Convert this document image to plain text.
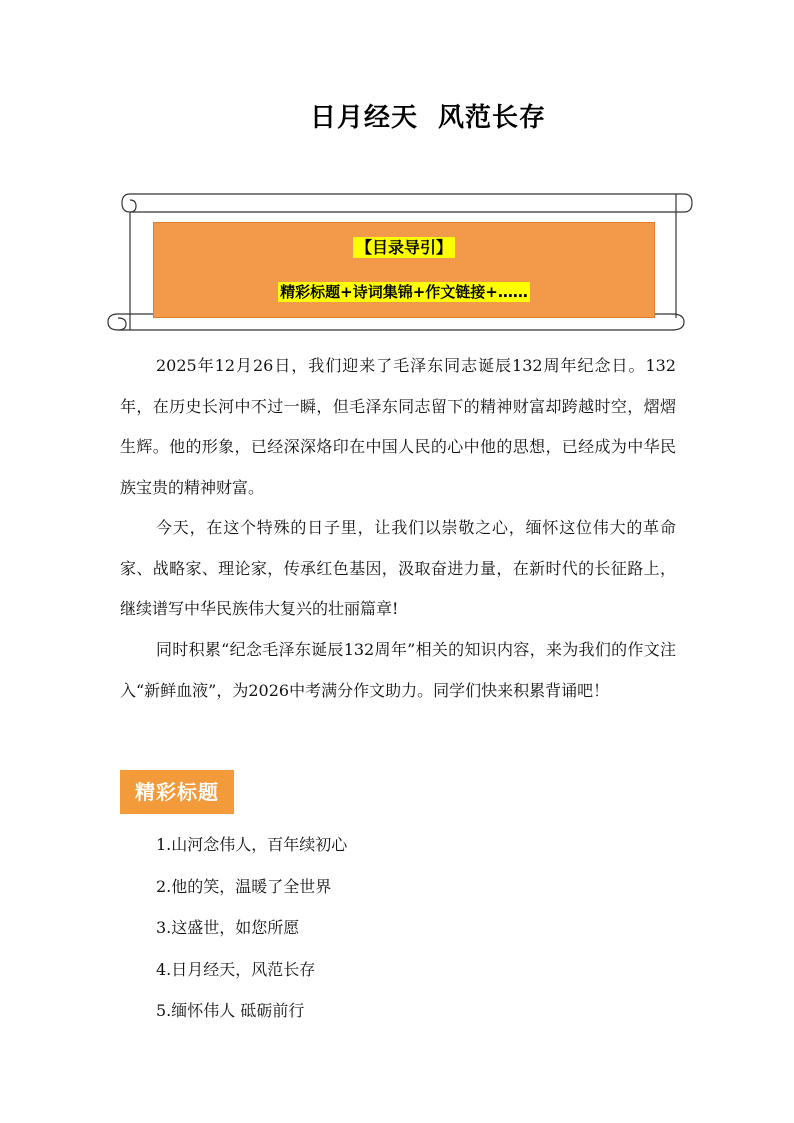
日月经天  风范长存
【目录导引】
精彩标题+诗词集锦+作文链接+……

2025年12月26日，我们迎来了毛泽东同志诞辰132周年纪念日。132年，在历史长河中不过一瞬，但毛泽东同志留下的精神财富却跨越时空，熠熠生辉。他的形象，已经深深烙印在中国人民的心中他的思想，已经成为中华民族宝贵的精神财富。

今天，在这个特殊的日子里，让我们以崇敬之心，缅怀这位伟大的革命家、战略家、理论家，传承红色基因，汲取奋进力量，在新时代的长征路上，继续谱写中华民族伟大复兴的壮丽篇章!

同时积累“纪念毛泽东诞辰132周年”相关的知识内容，来为我们的作文注入“新鲜血液”，为2026中考满分作文助力。同学们快来积累背诵吧！

精彩标题
1.山河念伟人，百年续初心
2.他的笑，温暖了全世界
3.这盛世，如您所愿
4.日月经天，风范长存
5.缅怀伟人 砥砺前行
